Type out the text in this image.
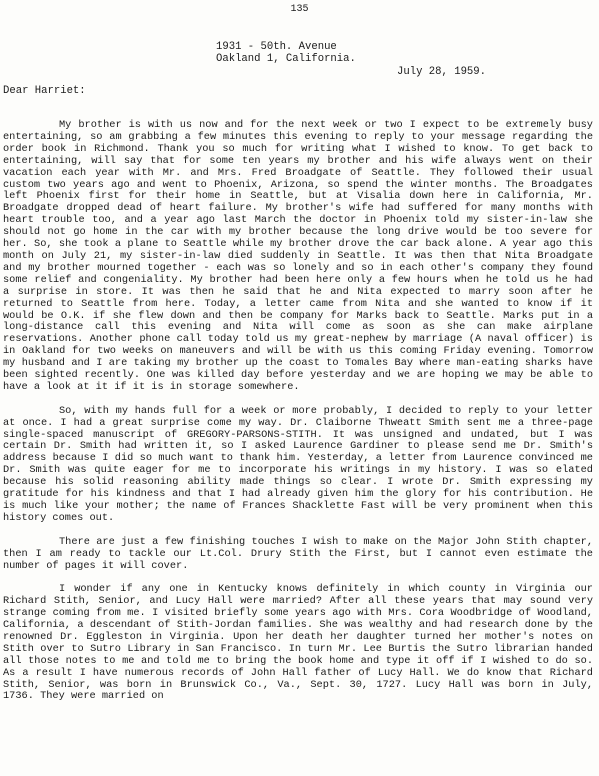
135
1931 - 50th. Avenue
Oakland 1, California.
July 28, 1959.
Dear Harriet:

My brother is with us now and for the next week or two I expect to be extremely busy entertaining, so am grabbing a few minutes this evening to reply to your message regarding the order book in Richmond. Thank you so much for writing what I wished to know. To get back to entertaining, will say that for some ten years my brother and his wife always went on their vacation each year with Mr. and Mrs. Fred Broadgate of Seattle. They followed their usual custom two years ago and went to Phoenix, Arizona, so spend the winter months. The Broadgates left Phoenix first for their home in Seattle, but at Visalia down here in California, Mr. Broadgate dropped dead of heart failure. My brother's wife had suffered for many months with heart trouble too, and a year ago last March the doctor in Phoenix told my sister-in-law she should not go home in the car with my brother because the long drive would be too severe for her. So, she took a plane to Seattle while my brother drove the car back alone. A year ago this month on July 21, my sister-in-law died suddenly in Seattle. It was then that Nita Broadgate and my brother mourned together - each was so lonely and so in each other's company they found some relief and congeniality. My brother had been here only a few hours when he told us he had a surprise in store. It was then he said that he and Nita expected to marry soon after he returned to Seattle from here. Today, a letter came from Nita and she wanted to know if it would be O.K. if she flew down and then be company for Marks back to Seattle. Marks put in a long-distance call this evening and Nita will come as soon as she can make airplane reservations. Another phone call today told us my great-nephew by marriage (A naval officer) is in Oakland for two weeks on maneuvers and will be with us this coming Friday evening. Tomorrow my husband and I are taking my brother up the coast to Tomales Bay where man-eating sharks have been sighted recently. One was killed day before yesterday and we are hoping we may be able to have a look at it if it is in storage somewhere.

So, with my hands full for a week or more probably, I decided to reply to your letter at once. I had a great surprise come my way. Dr. Claiborne Thweatt Smith sent me a three-page single-spaced manuscript of GREGORY-PARSONS-STITH. It was unsigned and undated, but I was certain Dr. Smith had written it, so I asked Laurence Gardiner to please send me Dr. Smith's address because I did so much want to thank him. Yesterday, a letter from Laurence convinced me Dr. Smith was quite eager for me to incorporate his writings in my history. I was so elated because his solid reasoning ability made things so clear. I wrote Dr. Smith expressing my gratitude for his kindness and that I had already given him the glory for his contribution. He is much like your mother; the name of Frances Shacklette Fast will be very prominent when this history comes out.

There are just a few finishing touches I wish to make on the Major John Stith chapter, then I am ready to tackle our Lt.Col. Drury Stith the First, but I cannot even estimate the number of pages it will cover.

I wonder if any one in Kentucky knows definitely in which county in Virginia our Richard Stith, Senior, and Lucy Hall were married? After all these years that may sound very strange coming from me. I visited briefly some years ago with Mrs. Cora Woodbridge of Woodland, California, a descendant of Stith-Jordan families. She was wealthy and had research done by the renowned Dr. Eggleston in Virginia. Upon her death her daughter turned her mother's notes on Stith over to Sutro Library in San Francisco. In turn Mr. Lee Burtis the Sutro librarian handed all those notes to me and told me to bring the book home and type it off if I wished to do so. As a result I have numerous records of John Hall father of Lucy Hall. We do know that Richard Stith, Senior, was born in Brunswick Co., Va., Sept. 30, 1727. Lucy Hall was born in July, 1736. They were married on
